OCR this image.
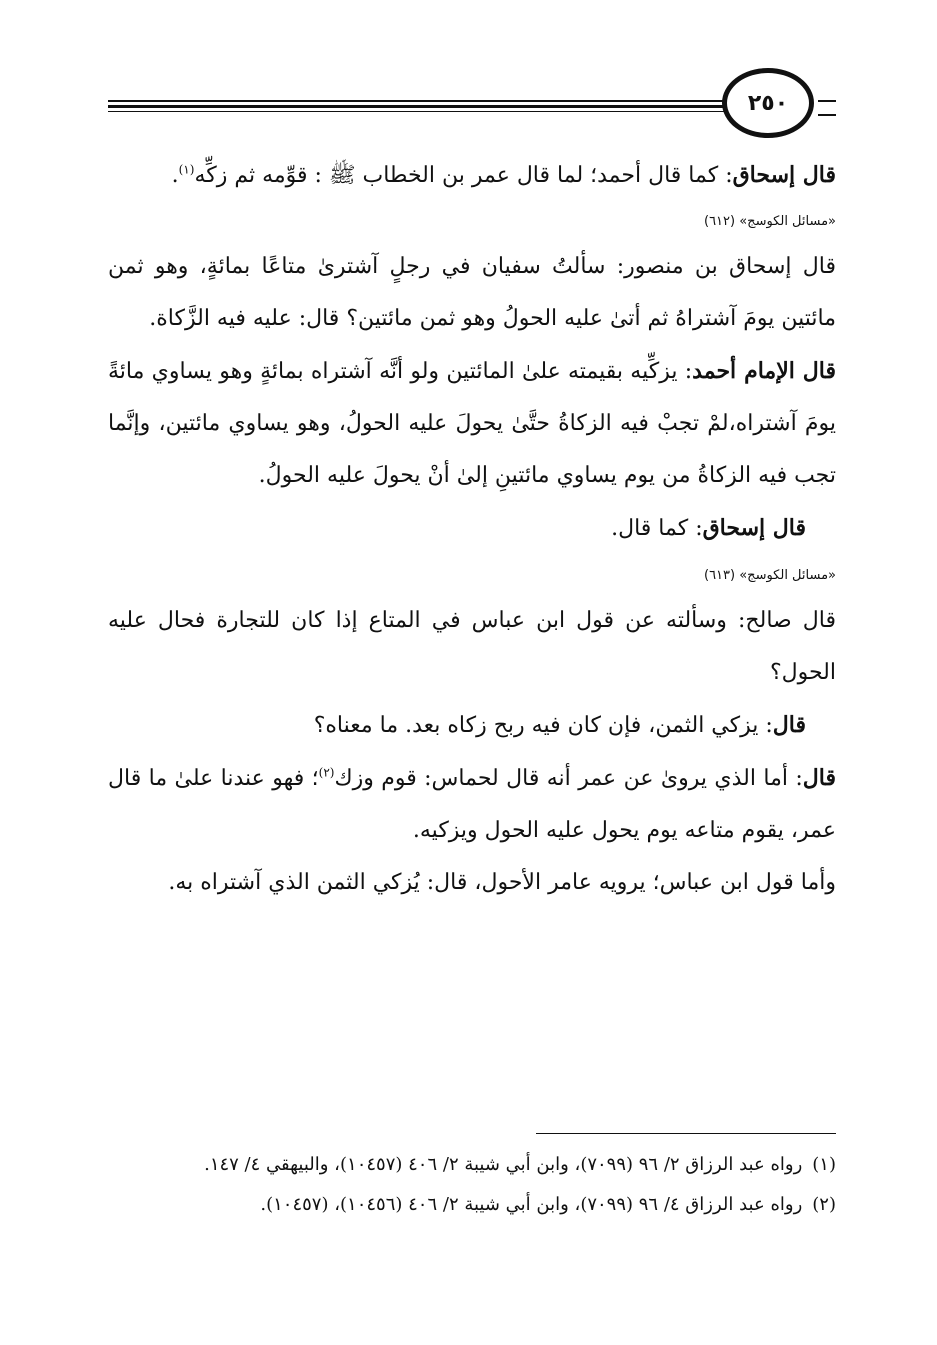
٢٥٠

قال إسحاق: كما قال أحمد؛ لما قال عمر بن الخطاب ﷺ : قوِّمه ثم زكِّه$^{(١)}$.

«مسائل الكوسج» (٦١٢)

قال إسحاق بن منصور: سألتُ سفيان في رجلٍ آشترىٰ متاعًا بمائةٍ، وهو ثمن مائتين يومَ آشتراهُ ثم أتىٰ عليه الحولُ وهو ثمن مائتين؟ قال: عليه فيه الزَّكاة.

قال الإمام أحمد: يزكِّيه بقيمته علىٰ المائتين ولو أنَّه آشتراه بمائةٍ وهو يساوي مائةً يومَ آشتراه،لمْ تجبْ فيه الزكاةُ حتَّىٰ يحولَ عليه الحولُ، وهو يساوي مائتين، وإنَّما تجب فيه الزكاةُ من يوم يساوي مائتينِ إلىٰ أنْ يحولَ عليه الحولُ.

قال إسحاق: كما قال.

«مسائل الكوسج» (٦١٣)

قال صالح: وسألته عن قول ابن عباس في المتاع إذا كان للتجارة فحال عليه الحول؟

قال: يزكي الثمن، فإن كان فيه ربح زكاه بعد. ما معناه؟

قال: أما الذي يرویٰ عن عمر أنه قال لحماس: قوم وزك$^{(٢)}$؛ فهو عندنا علىٰ ما قال عمر، يقوم متاعه يوم يحول عليه الحول ويزكيه.

وأما قول ابن عباس؛ يرويه عامر الأحول، قال: يُزكي الثمن الذي آشتراه به.

(١)رواه عبد الرزاق ٢/ ٩٦ (٧٠٩٩)، وابن أبي شيبة ٢/ ٤٠٦ (١٠٤٥٧)، والبيهقي ٤/ ١٤٧.

(٢)رواه عبد الرزاق ٤/ ٩٦ (٧٠٩٩)، وابن أبي شيبة ٢/ ٤٠٦ (١٠٤٥٦)، (١٠٤٥٧).
